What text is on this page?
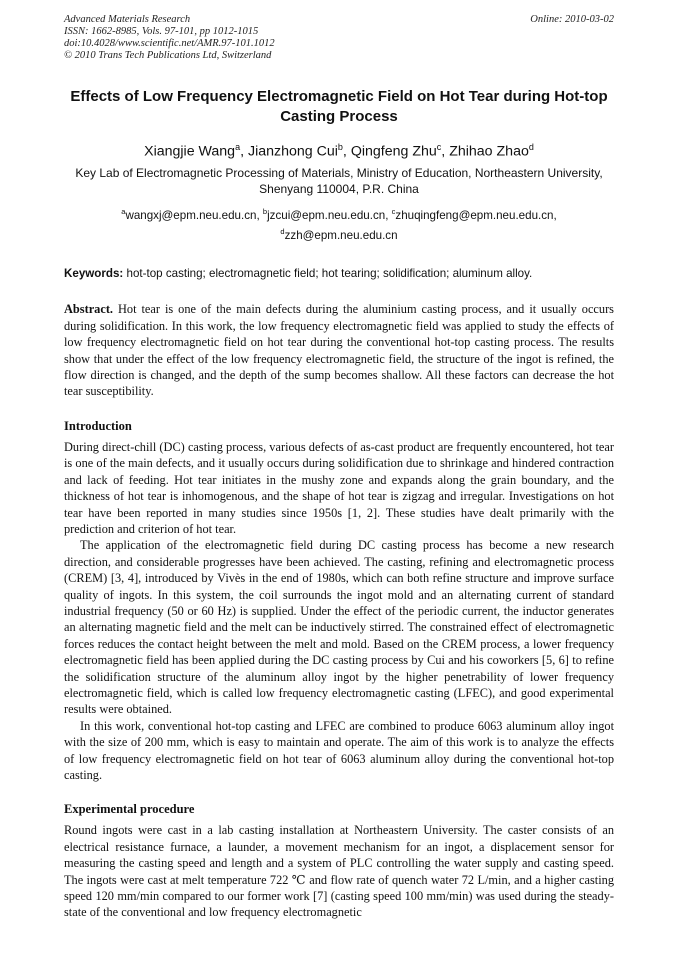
Advanced Materials Research
ISSN: 1662-8985, Vols. 97-101, pp 1012-1015
doi:10.4028/www.scientific.net/AMR.97-101.1012
© 2010 Trans Tech Publications Ltd, Switzerland
Online: 2010-03-02
Effects of Low Frequency Electromagnetic Field on Hot Tear during Hot-top Casting Process
Xiangjie Wang$^a$, Jianzhong Cui$^b$, Qingfeng Zhu$^c$, Zhihao Zhao$^d$
Key Lab of Electromagnetic Processing of Materials, Ministry of Education, Northeastern University, Shenyang 110004, P.R. China
$^a$wangxj@epm.neu.edu.cn, $^b$jzcui@epm.neu.edu.cn, $^c$zhuqingfeng@epm.neu.edu.cn,
$^d$zzh@epm.neu.edu.cn
Keywords: hot-top casting; electromagnetic field; hot tearing; solidification; aluminum alloy.
Abstract. Hot tear is one of the main defects during the aluminium casting process, and it usually occurs during solidification. In this work, the low frequency electromagnetic field was applied to study the effects of low frequency electromagnetic field on hot tear during the conventional hot-top casting process. The results show that under the effect of the low frequency electromagnetic field, the structure of the ingot is refined, the flow direction is changed, and the depth of the sump becomes shallow. All these factors can decrease the hot tear susceptibility.
Introduction

During direct-chill (DC) casting process, various defects of as-cast product are frequently encountered, hot tear is one of the main defects, and it usually occurs during solidification due to shrinkage and hindered contraction and lack of feeding. Hot tear initiates in the mushy zone and expands along the grain boundary, and the thickness of hot tear is inhomogenous, and the shape of hot tear is zigzag and irregular. Investigations on hot tear have been reported in many studies since 1950s [1, 2]. These studies have dealt primarily with the prediction and criterion of hot tear.

The application of the electromagnetic field during DC casting process has become a new research direction, and considerable progresses have been achieved. The casting, refining and electromagnetic process (CREM) [3, 4], introduced by Vivès in the end of 1980s, which can both refine structure and improve surface quality of ingots. In this system, the coil surrounds the ingot mold and an alternating current of standard industrial frequency (50 or 60 Hz) is supplied. Under the effect of the periodic current, the inductor generates an alternating magnetic field and the melt can be inductively stirred. The constrained effect of electromagnetic forces reduces the contact height between the melt and mold. Based on the CREM process, a lower frequency electromagnetic field has been applied during the DC casting process by Cui and his coworkers [5, 6] to refine the solidification structure of the aluminum alloy ingot by the higher penetrability of lower frequency electromagnetic field, which is called low frequency electromagnetic casting (LFEC), and good experimental results were obtained.

In this work, conventional hot-top casting and LFEC are combined to produce 6063 aluminum alloy ingot with the size of 200 mm, which is easy to maintain and operate. The aim of this work is to analyze the effects of low frequency electromagnetic field on hot tear of 6063 aluminum alloy during the conventional hot-top casting.

Experimental procedure

Round ingots were cast in a lab casting installation at Northeastern University. The caster consists of an electrical resistance furnace, a launder, a movement mechanism for an ingot, a displacement sensor for measuring the casting speed and length and a system of PLC controlling the water supply and casting speed. The ingots were cast at melt temperature 722 ℃ and flow rate of quench water 72 L/min, and a higher casting speed 120 mm/min compared to our former work [7] (casting speed 100 mm/min) was used during the steady-state of the conventional and low frequency electromagnetic
